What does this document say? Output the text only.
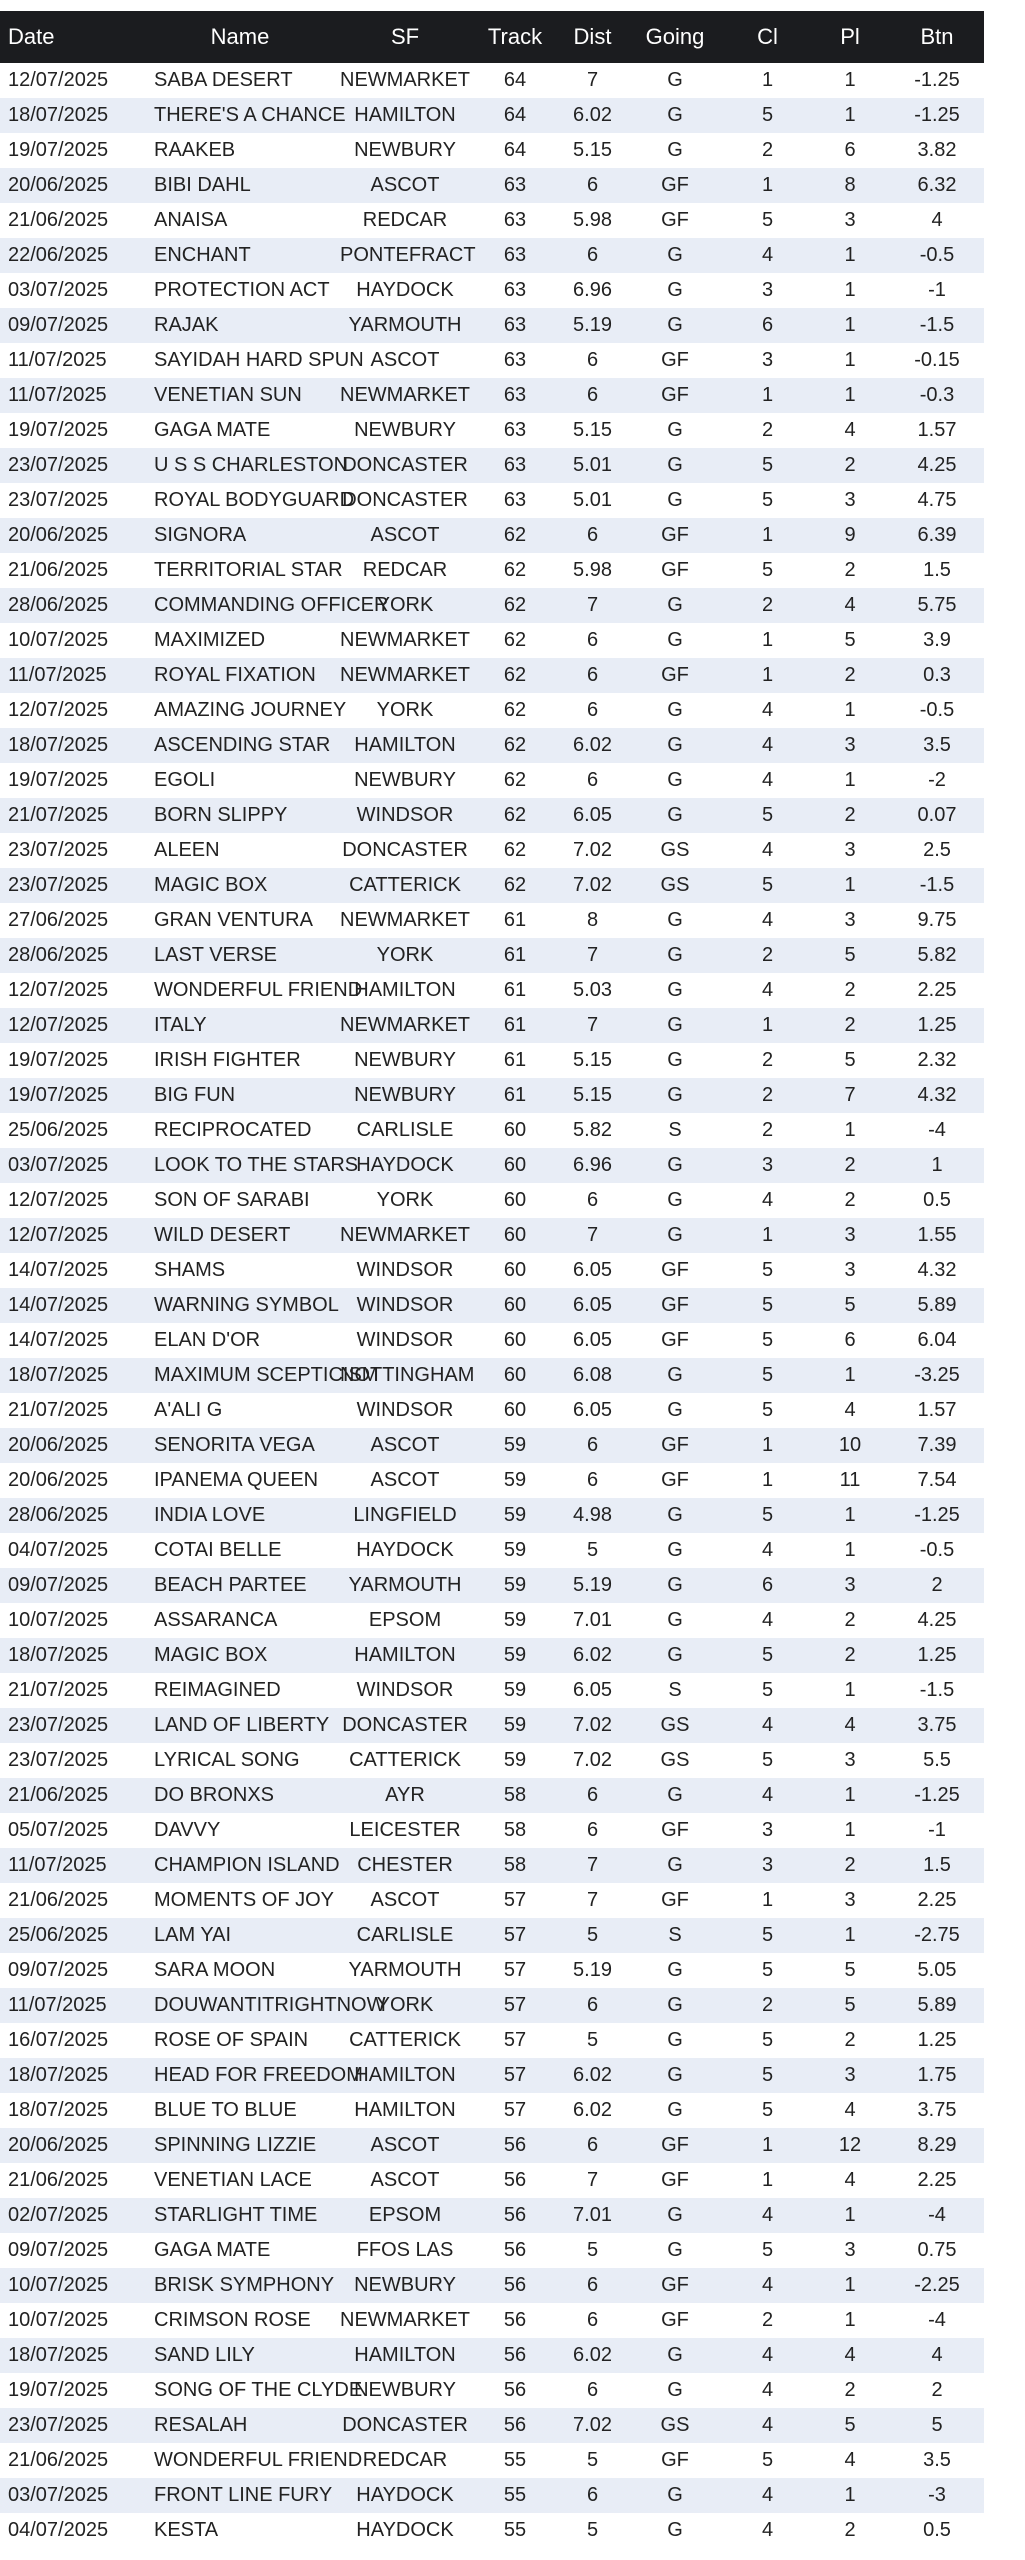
Date	Name	SF	Track	Dist	Going	Cl	Pl	Btn
12/07/2025	SABA DESERT	NEWMARKET	64	7	G	1	1	-1.25
18/07/2025	THERE'S A CHANCE	HAMILTON	64	6.02	G	5	1	-1.25
19/07/2025	RAAKEB	NEWBURY	64	5.15	G	2	6	3.82
20/06/2025	BIBI DAHL	ASCOT	63	6	GF	1	8	6.32
21/06/2025	ANAISA	REDCAR	63	5.98	GF	5	3	4
22/06/2025	ENCHANT	PONTEFRACT	63	6	G	4	1	-0.5
03/07/2025	PROTECTION ACT	HAYDOCK	63	6.96	G	3	1	-1
09/07/2025	RAJAK	YARMOUTH	63	5.19	G	6	1	-1.5
11/07/2025	SAYIDAH HARD SPUN	ASCOT	63	6	GF	3	1	-0.15
11/07/2025	VENETIAN SUN	NEWMARKET	63	6	GF	1	1	-0.3
19/07/2025	GAGA MATE	NEWBURY	63	5.15	G	2	4	1.57
23/07/2025	U S S CHARLESTON	DONCASTER	63	5.01	G	5	2	4.25
23/07/2025	ROYAL BODYGUARD	DONCASTER	63	5.01	G	5	3	4.75
20/06/2025	SIGNORA	ASCOT	62	6	GF	1	9	6.39
21/06/2025	TERRITORIAL STAR	REDCAR	62	5.98	GF	5	2	1.5
28/06/2025	COMMANDING OFFICER	YORK	62	7	G	2	4	5.75
10/07/2025	MAXIMIZED	NEWMARKET	62	6	G	1	5	3.9
11/07/2025	ROYAL FIXATION	NEWMARKET	62	6	GF	1	2	0.3
12/07/2025	AMAZING JOURNEY	YORK	62	6	G	4	1	-0.5
18/07/2025	ASCENDING STAR	HAMILTON	62	6.02	G	4	3	3.5
19/07/2025	EGOLI	NEWBURY	62	6	G	4	1	-2
21/07/2025	BORN SLIPPY	WINDSOR	62	6.05	G	5	2	0.07
23/07/2025	ALEEN	DONCASTER	62	7.02	GS	4	3	2.5
23/07/2025	MAGIC BOX	CATTERICK	62	7.02	GS	5	1	-1.5
27/06/2025	GRAN VENTURA	NEWMARKET	61	8	G	4	3	9.75
28/06/2025	LAST VERSE	YORK	61	7	G	2	5	5.82
12/07/2025	WONDERFUL FRIEND	HAMILTON	61	5.03	G	4	2	2.25
12/07/2025	ITALY	NEWMARKET	61	7	G	1	2	1.25
19/07/2025	IRISH FIGHTER	NEWBURY	61	5.15	G	2	5	2.32
19/07/2025	BIG FUN	NEWBURY	61	5.15	G	2	7	4.32
25/06/2025	RECIPROCATED	CARLISLE	60	5.82	S	2	1	-4
03/07/2025	LOOK TO THE STARS	HAYDOCK	60	6.96	G	3	2	1
12/07/2025	SON OF SARABI	YORK	60	6	G	4	2	0.5
12/07/2025	WILD DESERT	NEWMARKET	60	7	G	1	3	1.55
14/07/2025	SHAMS	WINDSOR	60	6.05	GF	5	3	4.32
14/07/2025	WARNING SYMBOL	WINDSOR	60	6.05	GF	5	5	5.89
14/07/2025	ELAN D'OR	WINDSOR	60	6.05	GF	5	6	6.04
18/07/2025	MAXIMUM SCEPTICISM	NOTTINGHAM	60	6.08	G	5	1	-3.25
21/07/2025	A'ALI G	WINDSOR	60	6.05	G	5	4	1.57
20/06/2025	SENORITA VEGA	ASCOT	59	6	GF	1	10	7.39
20/06/2025	IPANEMA QUEEN	ASCOT	59	6	GF	1	11	7.54
28/06/2025	INDIA LOVE	LINGFIELD	59	4.98	G	5	1	-1.25
04/07/2025	COTAI BELLE	HAYDOCK	59	5	G	4	1	-0.5
09/07/2025	BEACH PARTEE	YARMOUTH	59	5.19	G	6	3	2
10/07/2025	ASSARANCA	EPSOM	59	7.01	G	4	2	4.25
18/07/2025	MAGIC BOX	HAMILTON	59	6.02	G	5	2	1.25
21/07/2025	REIMAGINED	WINDSOR	59	6.05	S	5	1	-1.5
23/07/2025	LAND OF LIBERTY	DONCASTER	59	7.02	GS	4	4	3.75
23/07/2025	LYRICAL SONG	CATTERICK	59	7.02	GS	5	3	5.5
21/06/2025	DO BRONXS	AYR	58	6	G	4	1	-1.25
05/07/2025	DAVVY	LEICESTER	58	6	GF	3	1	-1
11/07/2025	CHAMPION ISLAND	CHESTER	58	7	G	3	2	1.5
21/06/2025	MOMENTS OF JOY	ASCOT	57	7	GF	1	3	2.25
25/06/2025	LAM YAI	CARLISLE	57	5	S	5	1	-2.75
09/07/2025	SARA MOON	YARMOUTH	57	5.19	G	5	5	5.05
11/07/2025	DOUWANTITRIGHTNOW	YORK	57	6	G	2	5	5.89
16/07/2025	ROSE OF SPAIN	CATTERICK	57	5	G	5	2	1.25
18/07/2025	HEAD FOR FREEDOM	HAMILTON	57	6.02	G	5	3	1.75
18/07/2025	BLUE TO BLUE	HAMILTON	57	6.02	G	5	4	3.75
20/06/2025	SPINNING LIZZIE	ASCOT	56	6	GF	1	12	8.29
21/06/2025	VENETIAN LACE	ASCOT	56	7	GF	1	4	2.25
02/07/2025	STARLIGHT TIME	EPSOM	56	7.01	G	4	1	-4
09/07/2025	GAGA MATE	FFOS LAS	56	5	G	5	3	0.75
10/07/2025	BRISK SYMPHONY	NEWBURY	56	6	GF	4	1	-2.25
10/07/2025	CRIMSON ROSE	NEWMARKET	56	6	GF	2	1	-4
18/07/2025	SAND LILY	HAMILTON	56	6.02	G	4	4	4
19/07/2025	SONG OF THE CLYDE	NEWBURY	56	6	G	4	2	2
23/07/2025	RESALAH	DONCASTER	56	7.02	GS	4	5	5
21/06/2025	WONDERFUL FRIEND	REDCAR	55	5	GF	5	4	3.5
03/07/2025	FRONT LINE FURY	HAYDOCK	55	6	G	4	1	-3
04/07/2025	KESTA	HAYDOCK	55	5	G	4	2	0.5
